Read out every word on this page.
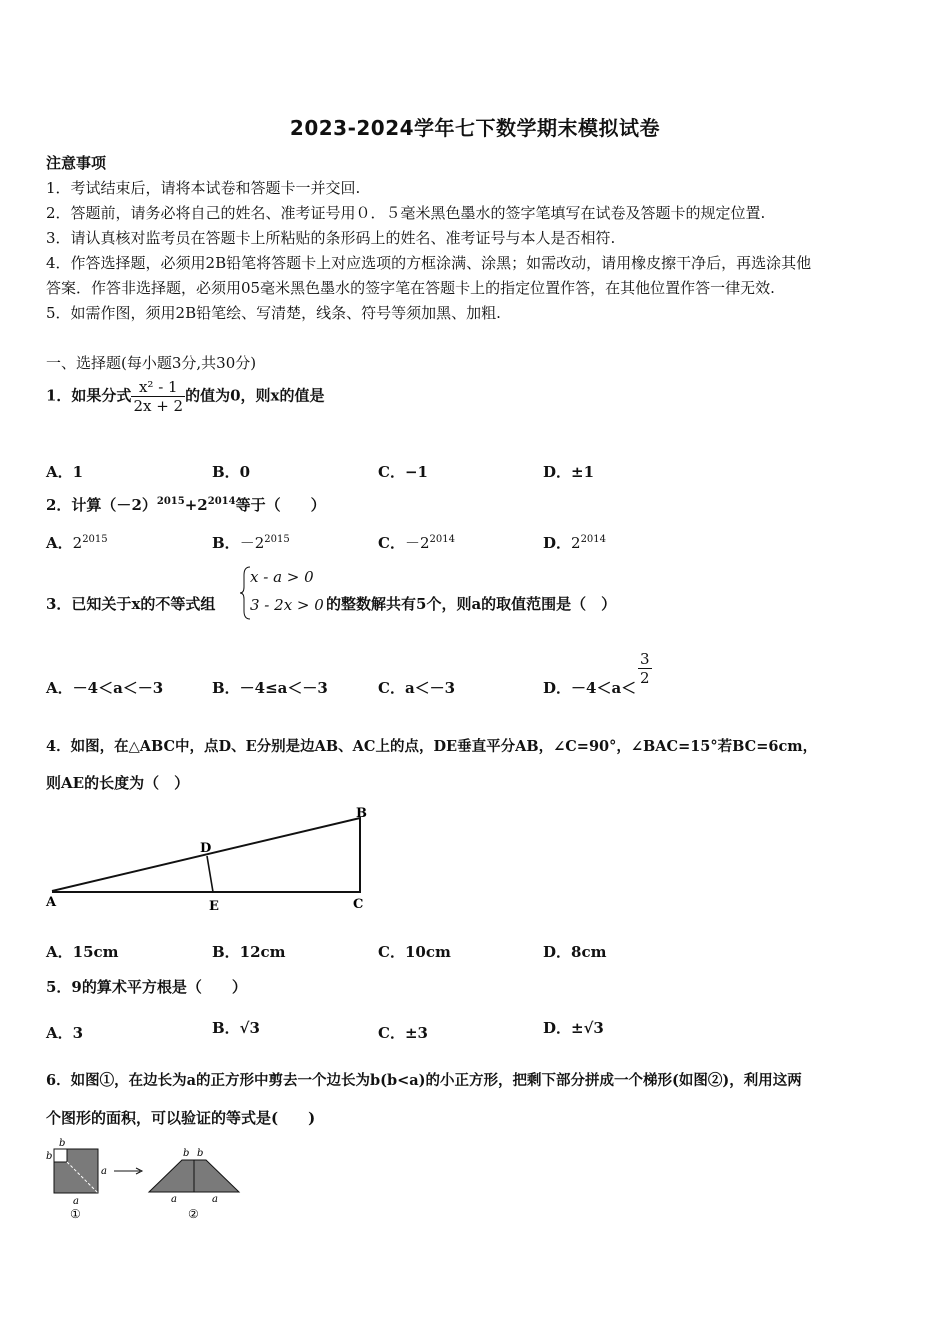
2023-2024学年七下数学期末模拟试卷
注意事项
1．考试结束后，请将本试卷和答题卡一并交回.
2．答题前，请务必将自己的姓名、准考证号用０．５毫米黑色墨水的签字笔填写在试卷及答题卡的规定位置.
3．请认真核对监考员在答题卡上所粘贴的条形码上的姓名、准考证号与本人是否相符.
4．作答选择题，必须用2B铅笔将答题卡上对应选项的方框涂满、涂黑；如需改动，请用橡皮擦干净后，再选涂其他
答案．作答非选择题，必须用05毫米黑色墨水的签字笔在答题卡上的指定位置作答，在其他位置作答一律无效.
5．如需作图，须用2B铅笔绘、写清楚，线条、符号等须加黑、加粗.
一、选择题(每小题3分,共30分)
1．如果分式 $\frac{\text{x² - 1}}{2x + 2}$ 的值为0，则x的值是
A．1	B．0	C．−1	D．±1
2．计算$(-2)^{2015}+2^{2014}$等于（　　）
A．$2^{2015}$	B．$-2^{2015}$	C．$-2^{2014}$	D．$2^{2014}$
3．已知关于x的不等式组
x - a > 0
3 - 2x > 0 的整数解共有5个，则a的取值范围是（　）
A．－4＜a＜－3	B．－4≤a＜－3	C．a＜－3	D．－4＜a＜
$\frac{3}{2}$
4．如图，在△ABC中，点D、E分别是边AB、AC上的点，DE垂直平分AB，∠C=90°，∠BAC=15°若BC=6cm，
则AE的长度为（　）
B
D
A	E	C
A．15cm	B．12cm	C．10cm	D．8cm
5．9的算术平方根是（　　）
A．3	B．√3	C．±3	D．±√3
6．如图①，在边长为a的正方形中剪去一个边长为b(b<a)的小正方形，把剩下部分拼成一个梯形(如图②)，利用这两
个图形的面积，可以验证的等式是(　　)
b
b
a
a
①
b b
a	a
②
